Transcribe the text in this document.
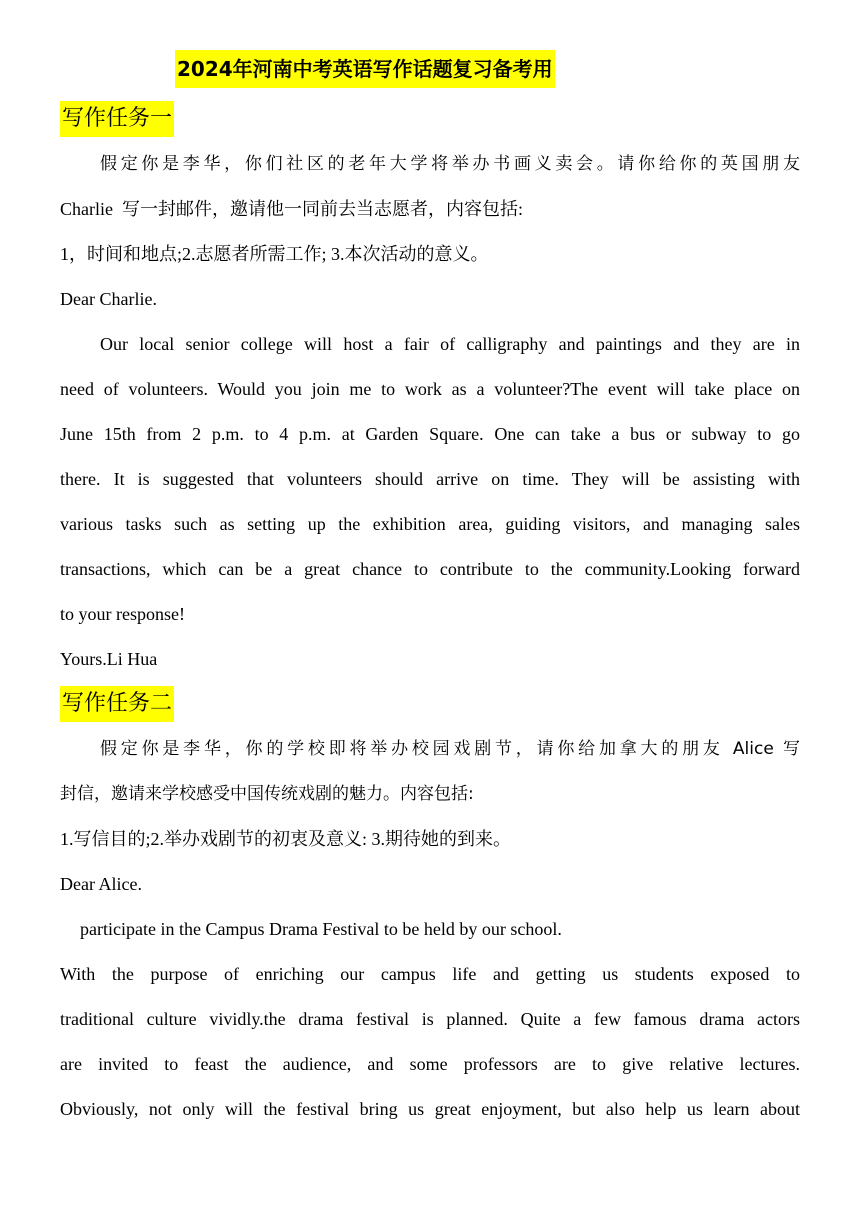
2024年河南中考英语写作话题复习备考用
写作任务一
假定你是李华，你们社区的老年大学将举办书画义卖会。请你给你的英国朋友
Charlie  写一封邮件，邀请他一同前去当志愿者，内容包括:
1，时间和地点;2.志愿者所需工作; 3.本次活动的意义。
Dear Charlie.
Our local senior college will host a fair of calligraphy and paintings and they are in
need of volunteers. Would you join me to work as a volunteer?The event will take place on
June 15th from 2 p.m. to 4 p.m. at Garden Square. One can take a bus or subway to go
there. It is suggested that volunteers should arrive on time. They will be assisting with
various tasks such as setting up the exhibition area, guiding visitors, and managing sales
transactions, which can be a great chance to contribute to the community.Looking forward
to your response!
Yours.Li Hua
写作任务二
假定你是李华，你的学校即将举办校园戏剧节，请你给加拿大的朋友 Alice 写
封信，邀请来学校感受中国传统戏剧的魅力。内容包括:
1.写信目的;2.举办戏剧节的初衷及意义: 3.期待她的到来。
Dear Alice.
participate in the Campus Drama Festival to be held by our school.
With the purpose of enriching our campus life and getting us students exposed to
traditional culture vividly.the drama festival is planned. Quite a few famous drama actors
are invited to feast the audience, and some professors are to give relative lectures.
Obviously, not only will the festival bring us great enjoyment, but also help us learn about
